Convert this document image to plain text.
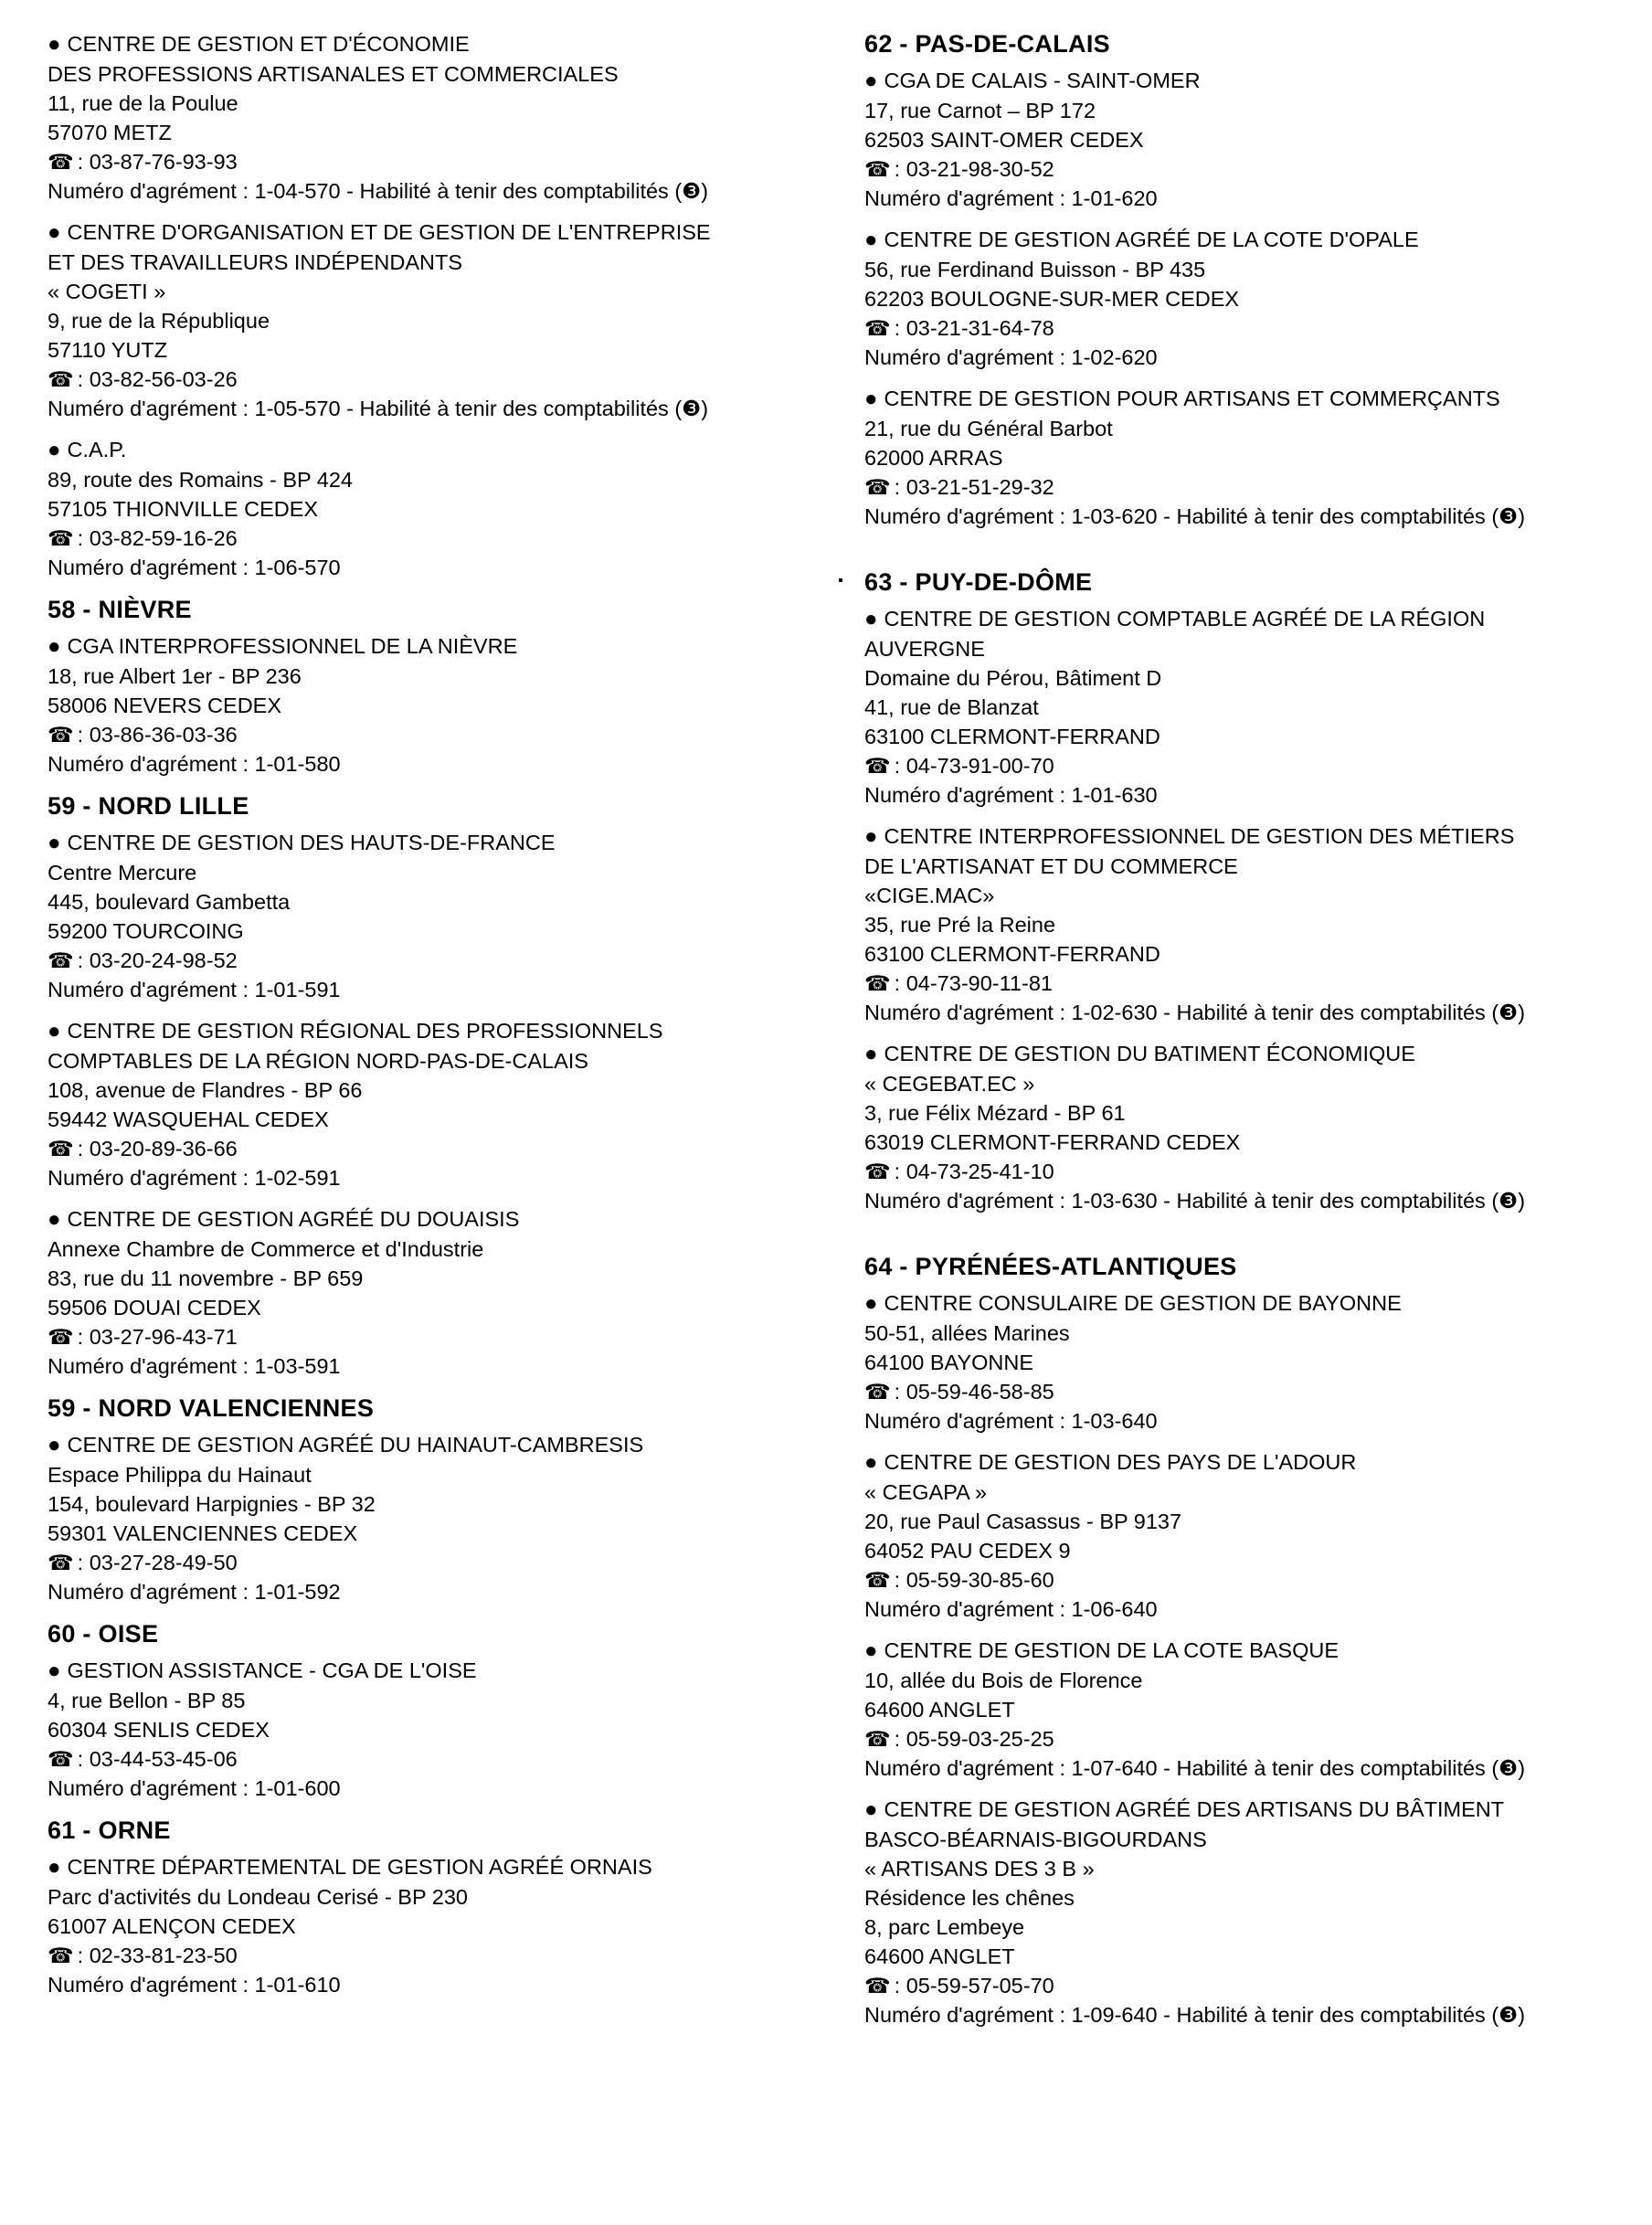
● CENTRE DE GESTION ET D'ÉCONOMIE
DES PROFESSIONS ARTISANALES ET COMMERCIALES
11, rue de la Poulue
57070 METZ
☎ : 03-87-76-93-93
Numéro d'agrément : 1-04-570 - Habilité à tenir des comptabilités (❸)
● CENTRE D'ORGANISATION ET DE GESTION DE L'ENTREPRISE
ET DES TRAVAILLEURS INDÉPENDANTS
« COGETI »
9, rue de la République
57110 YUTZ
☎ : 03-82-56-03-26
Numéro d'agrément : 1-05-570 - Habilité à tenir des comptabilités (❸)
● C.A.P.
89, route des Romains - BP 424
57105 THIONVILLE CEDEX
☎ : 03-82-59-16-26
Numéro d'agrément : 1-06-570
58 - NIÈVRE
● CGA INTERPROFESSIONNEL DE LA NIÈVRE
18, rue Albert 1er - BP 236
58006 NEVERS CEDEX
☎ : 03-86-36-03-36
Numéro d'agrément : 1-01-580
59 - NORD LILLE
● CENTRE DE GESTION DES HAUTS-DE-FRANCE
Centre Mercure
445, boulevard Gambetta
59200 TOURCOING
☎ : 03-20-24-98-52
Numéro d'agrément : 1-01-591
● CENTRE DE GESTION RÉGIONAL DES PROFESSIONNELS
COMPTABLES DE LA RÉGION NORD-PAS-DE-CALAIS
108, avenue de Flandres - BP 66
59442 WASQUEHAL CEDEX
☎ : 03-20-89-36-66
Numéro d'agrément : 1-02-591
● CENTRE DE GESTION AGRÉÉ DU DOUAISIS
Annexe Chambre de Commerce et d'Industrie
83, rue du 11 novembre - BP 659
59506 DOUAI CEDEX
☎ : 03-27-96-43-71
Numéro d'agrément : 1-03-591
59 - NORD VALENCIENNES
● CENTRE DE GESTION AGRÉÉ DU HAINAUT-CAMBRESIS
Espace Philippa du Hainaut
154, boulevard Harpignies - BP 32
59301 VALENCIENNES CEDEX
☎ : 03-27-28-49-50
Numéro d'agrément : 1-01-592
60 - OISE
● GESTION ASSISTANCE - CGA DE L'OISE
4, rue Bellon - BP 85
60304 SENLIS CEDEX
☎ : 03-44-53-45-06
Numéro d'agrément : 1-01-600
61 - ORNE
● CENTRE DÉPARTEMENTAL DE GESTION AGRÉÉ ORNAIS
Parc d'activités du Londeau Cerisé - BP 230
61007 ALENÇON CEDEX
☎ : 02-33-81-23-50
Numéro d'agrément : 1-01-610
62 - PAS-DE-CALAIS
● CGA DE CALAIS - SAINT-OMER
17, rue Carnot – BP 172
62503 SAINT-OMER CEDEX
☎ : 03-21-98-30-52
Numéro d'agrément : 1-01-620
● CENTRE DE GESTION AGRÉÉ DE LA COTE D'OPALE
56, rue Ferdinand Buisson - BP 435
62203 BOULOGNE-SUR-MER CEDEX
☎ : 03-21-31-64-78
Numéro d'agrément : 1-02-620
● CENTRE DE GESTION POUR ARTISANS ET COMMERÇANTS
21, rue du Général Barbot
62000 ARRAS
☎ : 03-21-51-29-32
Numéro d'agrément : 1-03-620 - Habilité à tenir des comptabilités (❸)
63 - PUY-DE-DÔME
● CENTRE DE GESTION COMPTABLE AGRÉÉ DE LA RÉGION
AUVERGNE
Domaine du Pérou, Bâtiment D
41, rue de Blanzat
63100 CLERMONT-FERRAND
☎ : 04-73-91-00-70
Numéro d'agrément : 1-01-630
● CENTRE INTERPROFESSIONNEL DE GESTION DES MÉTIERS
DE L'ARTISANAT ET DU COMMERCE
«CIGE.MAC»
35, rue Pré la Reine
63100 CLERMONT-FERRAND
☎ : 04-73-90-11-81
Numéro d'agrément : 1-02-630 - Habilité à tenir des comptabilités (❸)
● CENTRE DE GESTION DU BATIMENT ÉCONOMIQUE
« CEGEBAT.EC »
3, rue Félix Mézard - BP 61
63019 CLERMONT-FERRAND CEDEX
☎ : 04-73-25-41-10
Numéro d'agrément : 1-03-630 - Habilité à tenir des comptabilités (❸)
64 - PYRÉNÉES-ATLANTIQUES
● CENTRE CONSULAIRE DE GESTION DE BAYONNE
50-51, allées Marines
64100 BAYONNE
☎ : 05-59-46-58-85
Numéro d'agrément : 1-03-640
● CENTRE DE GESTION DES PAYS DE L'ADOUR
« CEGAPA »
20, rue Paul Casassus - BP 9137
64052 PAU CEDEX 9
☎ : 05-59-30-85-60
Numéro d'agrément : 1-06-640
● CENTRE DE GESTION DE LA COTE BASQUE
10, allée du Bois de Florence
64600 ANGLET
☎ : 05-59-03-25-25
Numéro d'agrément : 1-07-640 - Habilité à tenir des comptabilités (❸)
● CENTRE DE GESTION AGRÉÉ DES ARTISANS DU BÂTIMENT
BASCO-BÉARNAIS-BIGOURDANS
« ARTISANS DES 3 B »
Résidence les chênes
8, parc Lembeye
64600 ANGLET
☎ : 05-59-57-05-70
Numéro d'agrément : 1-09-640 - Habilité à tenir des comptabilités (❸)
